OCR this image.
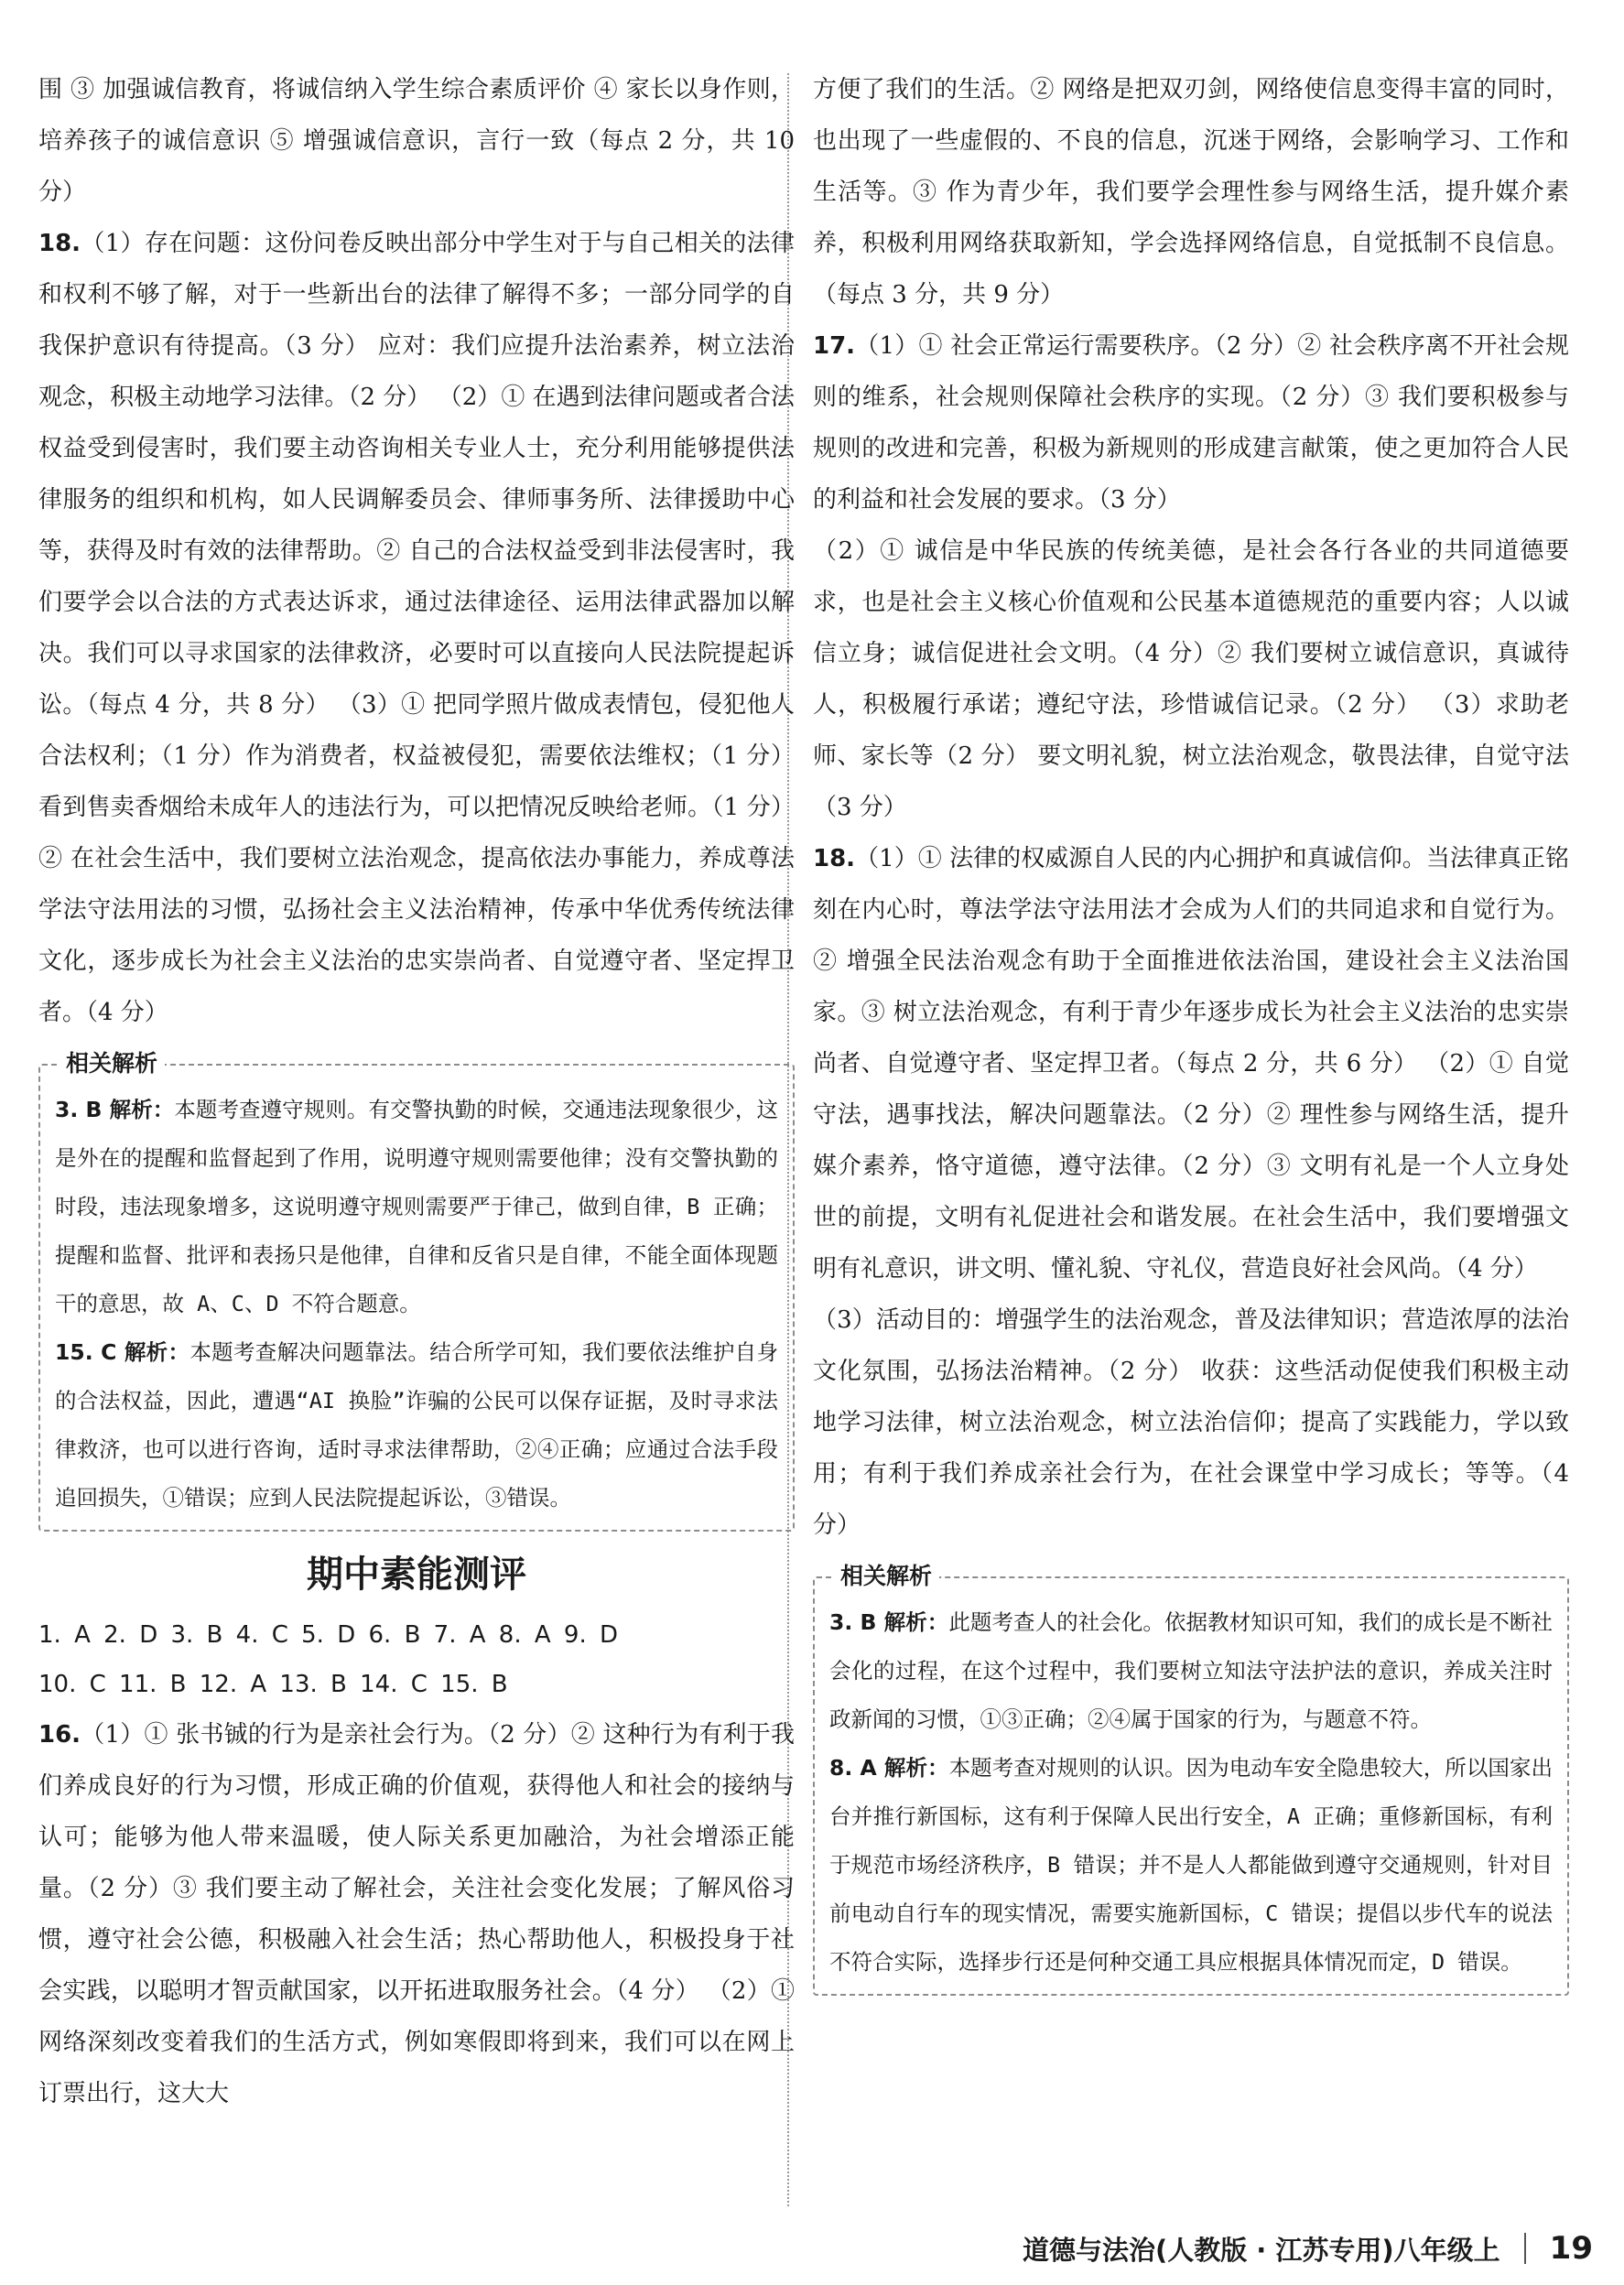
围 ③ 加强诚信教育，将诚信纳入学生综合素质评价 ④ 家长以身作则，培养孩子的诚信意识 ⑤ 增强诚信意识，言行一致（每点 2 分，共 10 分）

18.（1）存在问题：这份问卷反映出部分中学生对于与自己相关的法律和权利不够了解，对于一些新出台的法律了解得不多；一部分同学的自我保护意识有待提高。（3 分） 应对：我们应提升法治素养，树立法治观念，积极主动地学习法律。（2 分） （2）① 在遇到法律问题或者合法权益受到侵害时，我们要主动咨询相关专业人士，充分利用能够提供法律服务的组织和机构，如人民调解委员会、律师事务所、法律援助中心等，获得及时有效的法律帮助。② 自己的合法权益受到非法侵害时，我们要学会以合法的方式表达诉求，通过法律途径、运用法律武器加以解决。我们可以寻求国家的法律救济，必要时可以直接向人民法院提起诉讼。（每点 4 分，共 8 分） （3）① 把同学照片做成表情包，侵犯他人合法权利；（1 分）作为消费者，权益被侵犯，需要依法维权；（1 分）看到售卖香烟给未成年人的违法行为，可以把情况反映给老师。（1 分）② 在社会生活中，我们要树立法治观念，提高依法办事能力，养成尊法学法守法用法的习惯，弘扬社会主义法治精神，传承中华优秀传统法律文化，逐步成长为社会主义法治的忠实崇尚者、自觉遵守者、坚定捍卫者。（4 分）

相关解析

3. B 解析：本题考查遵守规则。有交警执勤的时候，交通违法现象很少，这是外在的提醒和监督起到了作用，说明遵守规则需要他律；没有交警执勤的时段，违法现象增多，这说明遵守规则需要严于律己，做到自律，B 正确；提醒和监督、批评和表扬只是他律，自律和反省只是自律，不能全面体现题干的意思，故 A、C、D 不符合题意。

15. C 解析：本题考查解决问题靠法。结合所学可知，我们要依法维护自身的合法权益，因此，遭遇“AI 换脸”诈骗的公民可以保存证据，及时寻求法律救济，也可以进行咨询，适时寻求法律帮助，②④正确；应通过合法手段追回损失，①错误；应到人民法院提起诉讼，③错误。

期中素能测评

1. A 2. D 3. B 4. C 5. D 6. B 7. A 8. A 9. D

10. C 11. B 12. A 13. B 14. C 15. B

16.（1）① 张书铖的行为是亲社会行为。（2 分）② 这种行为有利于我们养成良好的行为习惯，形成正确的价值观，获得他人和社会的接纳与认可；能够为他人带来温暖，使人际关系更加融洽，为社会增添正能量。（2 分）③ 我们要主动了解社会，关注社会变化发展；了解风俗习惯，遵守社会公德，积极融入社会生活；热心帮助他人，积极投身于社会实践，以聪明才智贡献国家，以开拓进取服务社会。（4 分） （2）① 网络深刻改变着我们的生活方式，例如寒假即将到来，我们可以在网上订票出行，这大大

方便了我们的生活。② 网络是把双刃剑，网络使信息变得丰富的同时，也出现了一些虚假的、不良的信息，沉迷于网络，会影响学习、工作和生活等。③ 作为青少年，我们要学会理性参与网络生活，提升媒介素养，积极利用网络获取新知，学会选择网络信息，自觉抵制不良信息。（每点 3 分，共 9 分）

17.（1）① 社会正常运行需要秩序。（2 分）② 社会秩序离不开社会规则的维系，社会规则保障社会秩序的实现。（2 分）③ 我们要积极参与规则的改进和完善，积极为新规则的形成建言献策，使之更加符合人民的利益和社会发展的要求。（3 分）

（2）① 诚信是中华民族的传统美德，是社会各行各业的共同道德要求，也是社会主义核心价值观和公民基本道德规范的重要内容；人以诚信立身；诚信促进社会文明。（4 分）② 我们要树立诚信意识，真诚待人，积极履行承诺；遵纪守法，珍惜诚信记录。（2 分） （3）求助老师、家长等（2 分） 要文明礼貌，树立法治观念，敬畏法律，自觉守法（3 分）

18.（1）① 法律的权威源自人民的内心拥护和真诚信仰。当法律真正铭刻在内心时，尊法学法守法用法才会成为人们的共同追求和自觉行为。② 增强全民法治观念有助于全面推进依法治国，建设社会主义法治国家。③ 树立法治观念，有利于青少年逐步成长为社会主义法治的忠实崇尚者、自觉遵守者、坚定捍卫者。（每点 2 分，共 6 分） （2）① 自觉守法，遇事找法，解决问题靠法。（2 分）② 理性参与网络生活，提升媒介素养，恪守道德，遵守法律。（2 分）③ 文明有礼是一个人立身处世的前提，文明有礼促进社会和谐发展。在社会生活中，我们要增强文明有礼意识，讲文明、懂礼貌、守礼仪，营造良好社会风尚。（4 分）

（3）活动目的：增强学生的法治观念，普及法律知识；营造浓厚的法治文化氛围，弘扬法治精神。（2 分） 收获：这些活动促使我们积极主动地学习法律，树立法治观念，树立法治信仰；提高了实践能力，学以致用；有利于我们养成亲社会行为，在社会课堂中学习成长；等等。（4 分）

相关解析

3. B 解析：此题考查人的社会化。依据教材知识可知，我们的成长是不断社会化的过程，在这个过程中，我们要树立知法守法护法的意识，养成关注时政新闻的习惯，①③正确；②④属于国家的行为，与题意不符。

8. A 解析：本题考查对规则的认识。因为电动车安全隐患较大，所以国家出台并推行新国标，这有利于保障人民出行安全，A 正确；重修新国标，有利于规范市场经济秩序，B 错误；并不是人人都能做到遵守交通规则，针对目前电动自行车的现实情况，需要实施新国标，C 错误；提倡以步代车的说法不符合实际，选择步行还是何种交通工具应根据具体情况而定，D 错误。

道德与法治(人教版 · 江苏专用)八年级上 19
